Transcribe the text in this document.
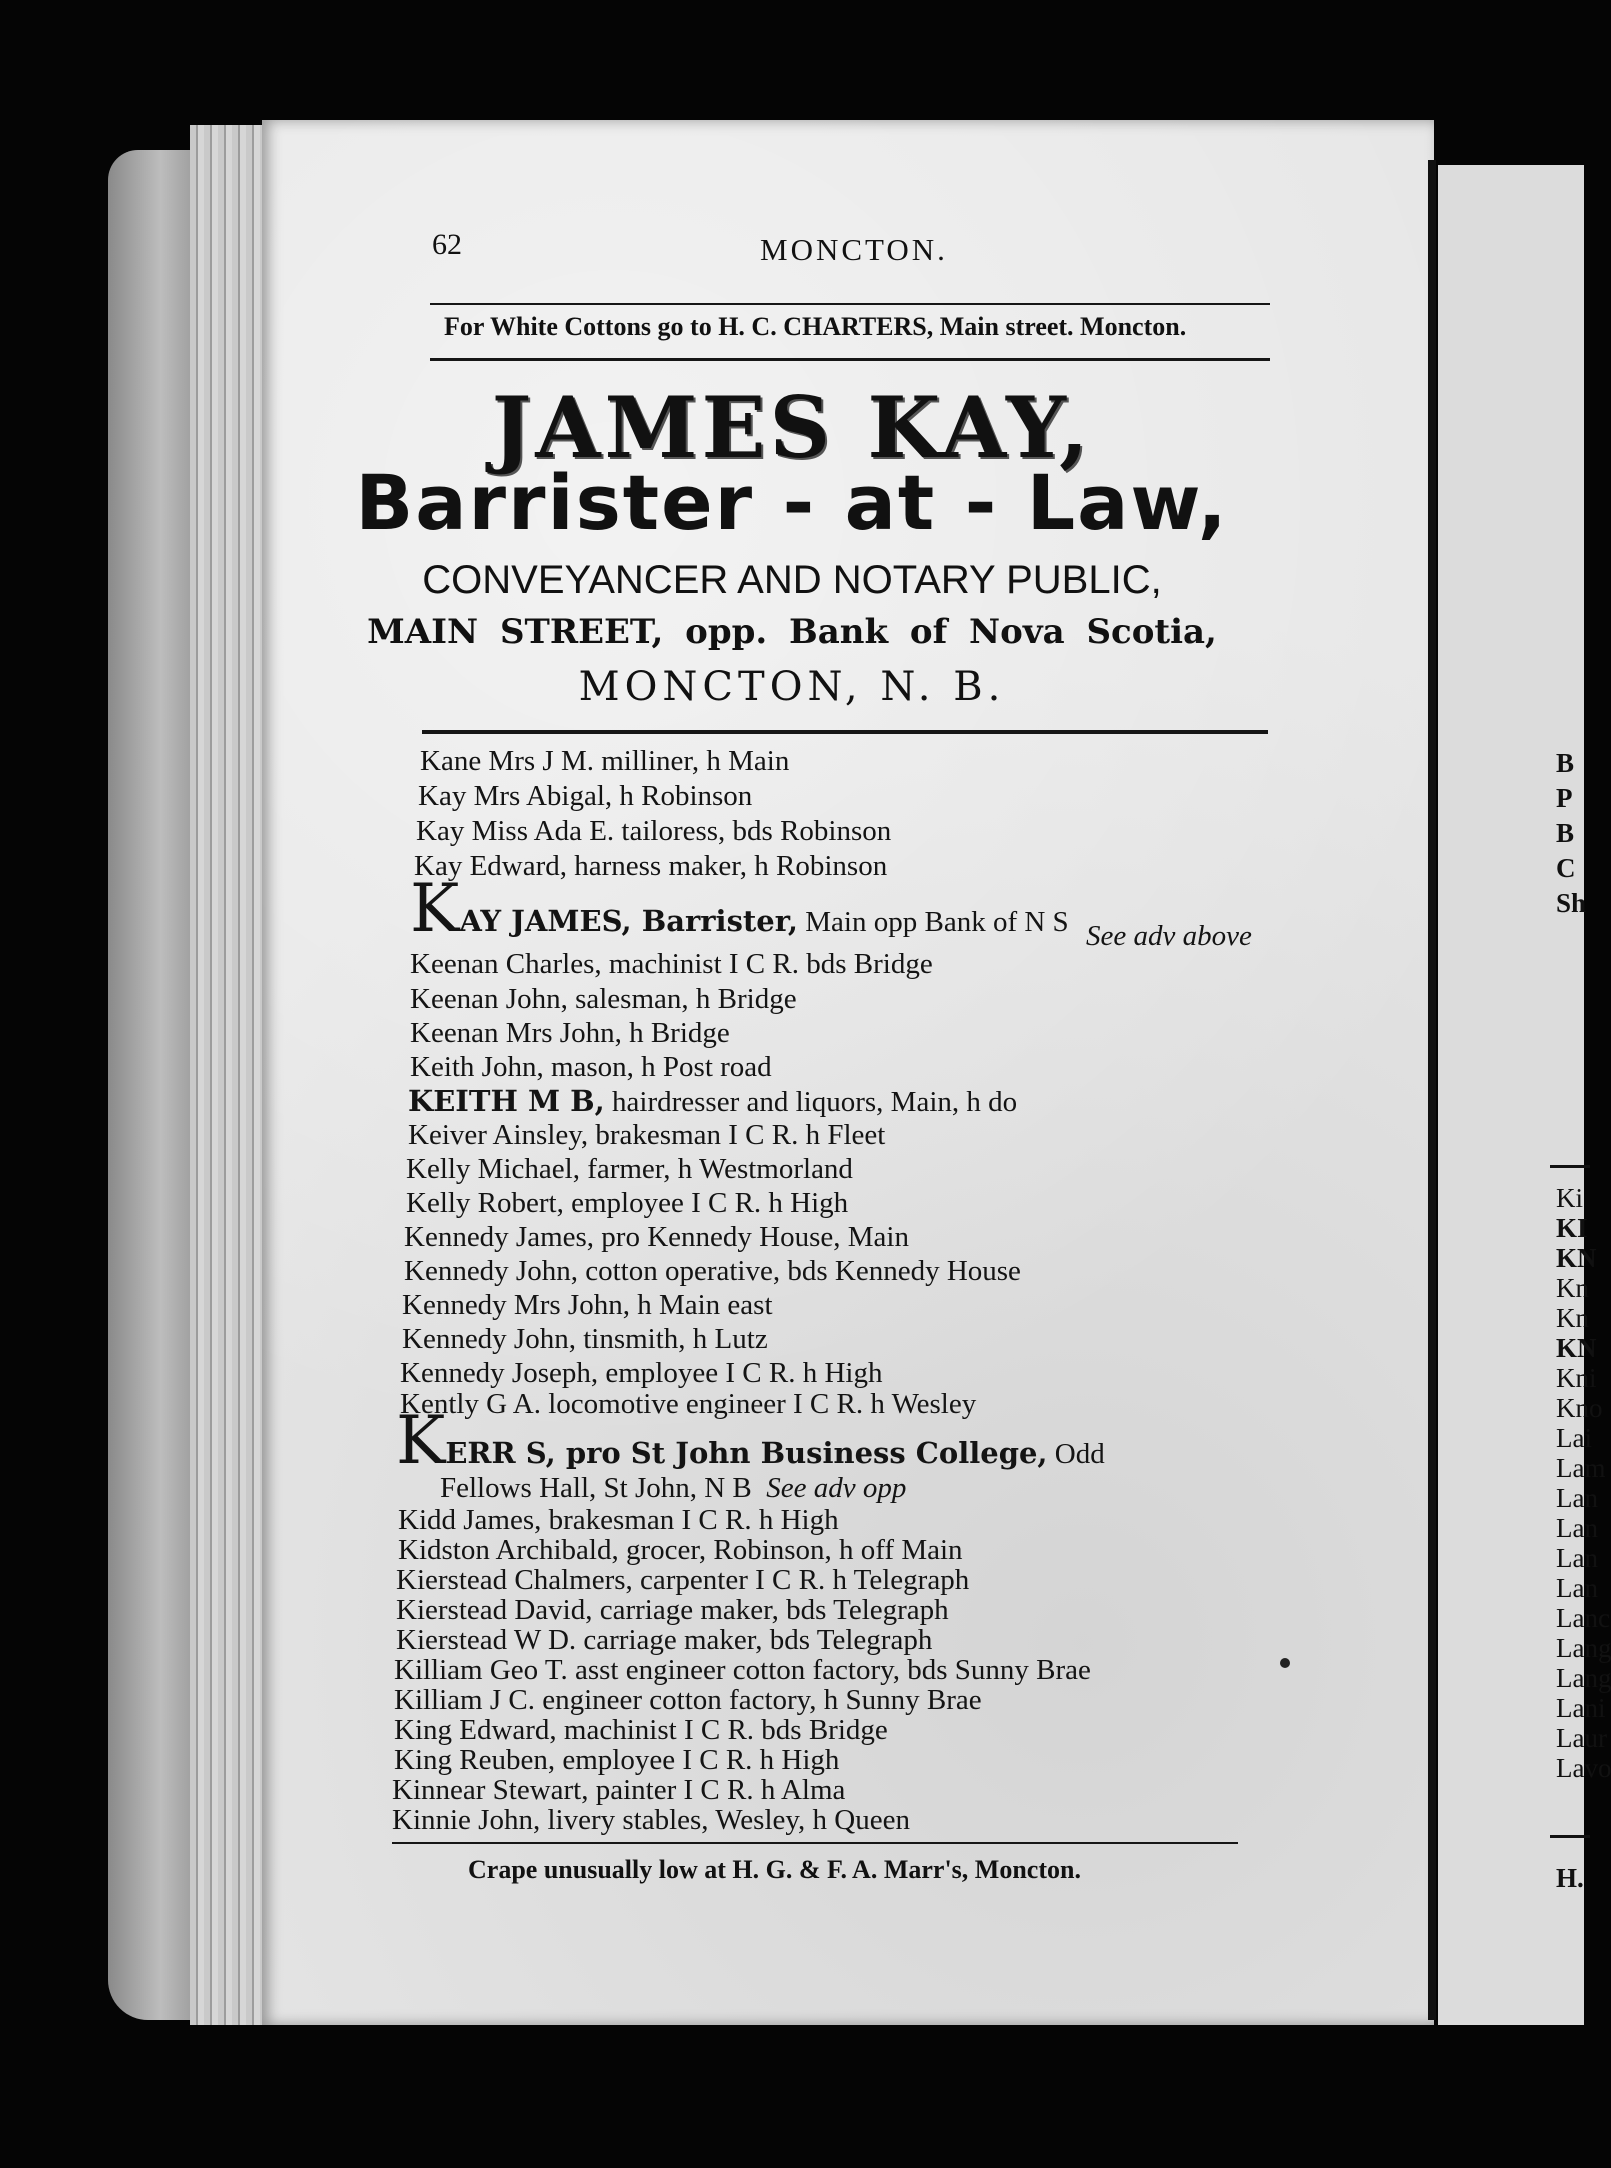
B
P
B
C
Sh
Ki
KI
KN
Kn
Kn
KN
Kni
Kno
Lai
Lam
Lan
Lan
Lan
Lan
Lanc
Lang
Lang
Lani
Laur
Lavo
H.
62	MONCTON.
For White Cottons go to H. C. CHARTERS, Main street. Moncton.
JAMES KAY,
Barrister - at - Law,
CONVEYANCER AND NOTARY PUBLIC,
MAIN STREET, opp. Bank of Nova Scotia,
MONCTON, N. B.
Kane Mrs J M. milliner, h Main
Kay Mrs Abigal, h Robinson
Kay Miss Ada E. tailoress, bds Robinson
Kay Edward, harness maker, h Robinson
KAY JAMES, Barrister, Main opp Bank of N S See adv above
Keenan Charles, machinist I C R. bds Bridge
Keenan John, salesman, h Bridge
Keenan Mrs John, h Bridge
Keith John, mason, h Post road
KEITH M B, hairdresser and liquors, Main, h do
Keiver Ainsley, brakesman I C R. h Fleet
Kelly Michael, farmer, h Westmorland
Kelly Robert, employee I C R. h High
Kennedy James, pro Kennedy House, Main
Kennedy John, cotton operative, bds Kennedy House
Kennedy Mrs John, h Main east
Kennedy John, tinsmith, h Lutz
Kennedy Joseph, employee I C R. h High
Kently G A. locomotive engineer I C R. h Wesley
KERR S, pro St John Business College, Odd
Fellows Hall, St John, N B See adv opp
Kidd James, brakesman I C R. h High
Kidston Archibald, grocer, Robinson, h off Main
Kierstead Chalmers, carpenter I C R. h Telegraph
Kierstead David, carriage maker, bds Telegraph
Kierstead W D. carriage maker, bds Telegraph
Killiam Geo T. asst engineer cotton factory, bds Sunny Brae
Killiam J C. engineer cotton factory, h Sunny Brae
King Edward, machinist I C R. bds Bridge
King Reuben, employee I C R. h High
Kinnear Stewart, painter I C R. h Alma
Crape unusually low at H. G. & F. A. Marr's, Moncton.
Kinnie John, livery stables, Wesley, h Queen
